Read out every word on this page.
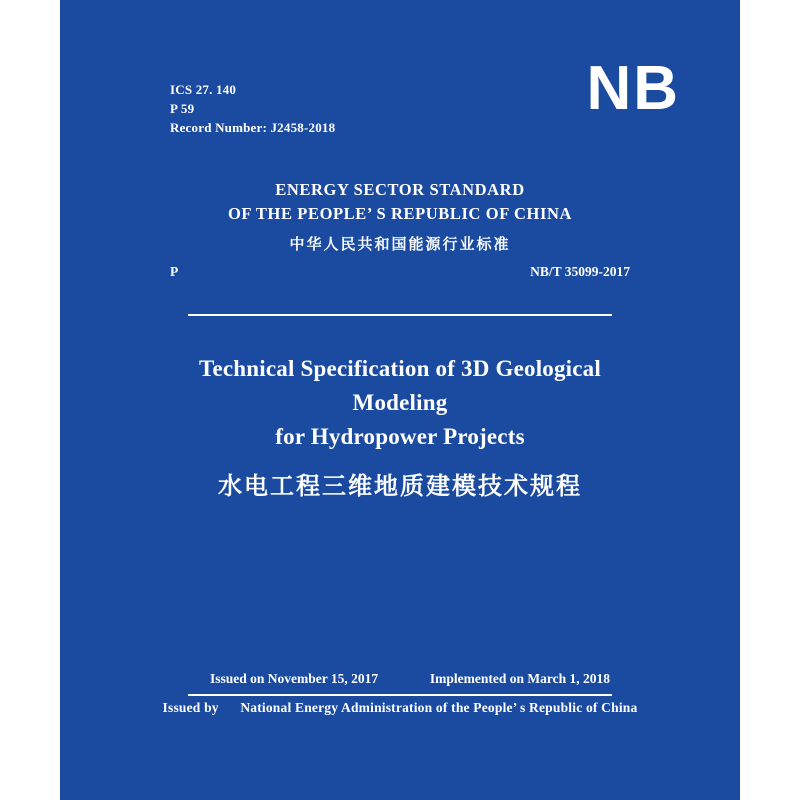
ICS 27. 140
P 59
Record Number: J2458-2018
NB
ENERGY SECTOR STANDARD
OF THE PEOPLE’ S REPUBLIC OF CHINA
中华人民共和国能源行业标准
P	NB/T 35099-2017
Technical Specification of 3D Geological Modeling
for Hydropower Projects
水电工程三维地质建模技术规程
Issued on November 15, 2017	Implemented on March 1, 2018
Issued by National Energy Administration of the People’ s Republic of China
